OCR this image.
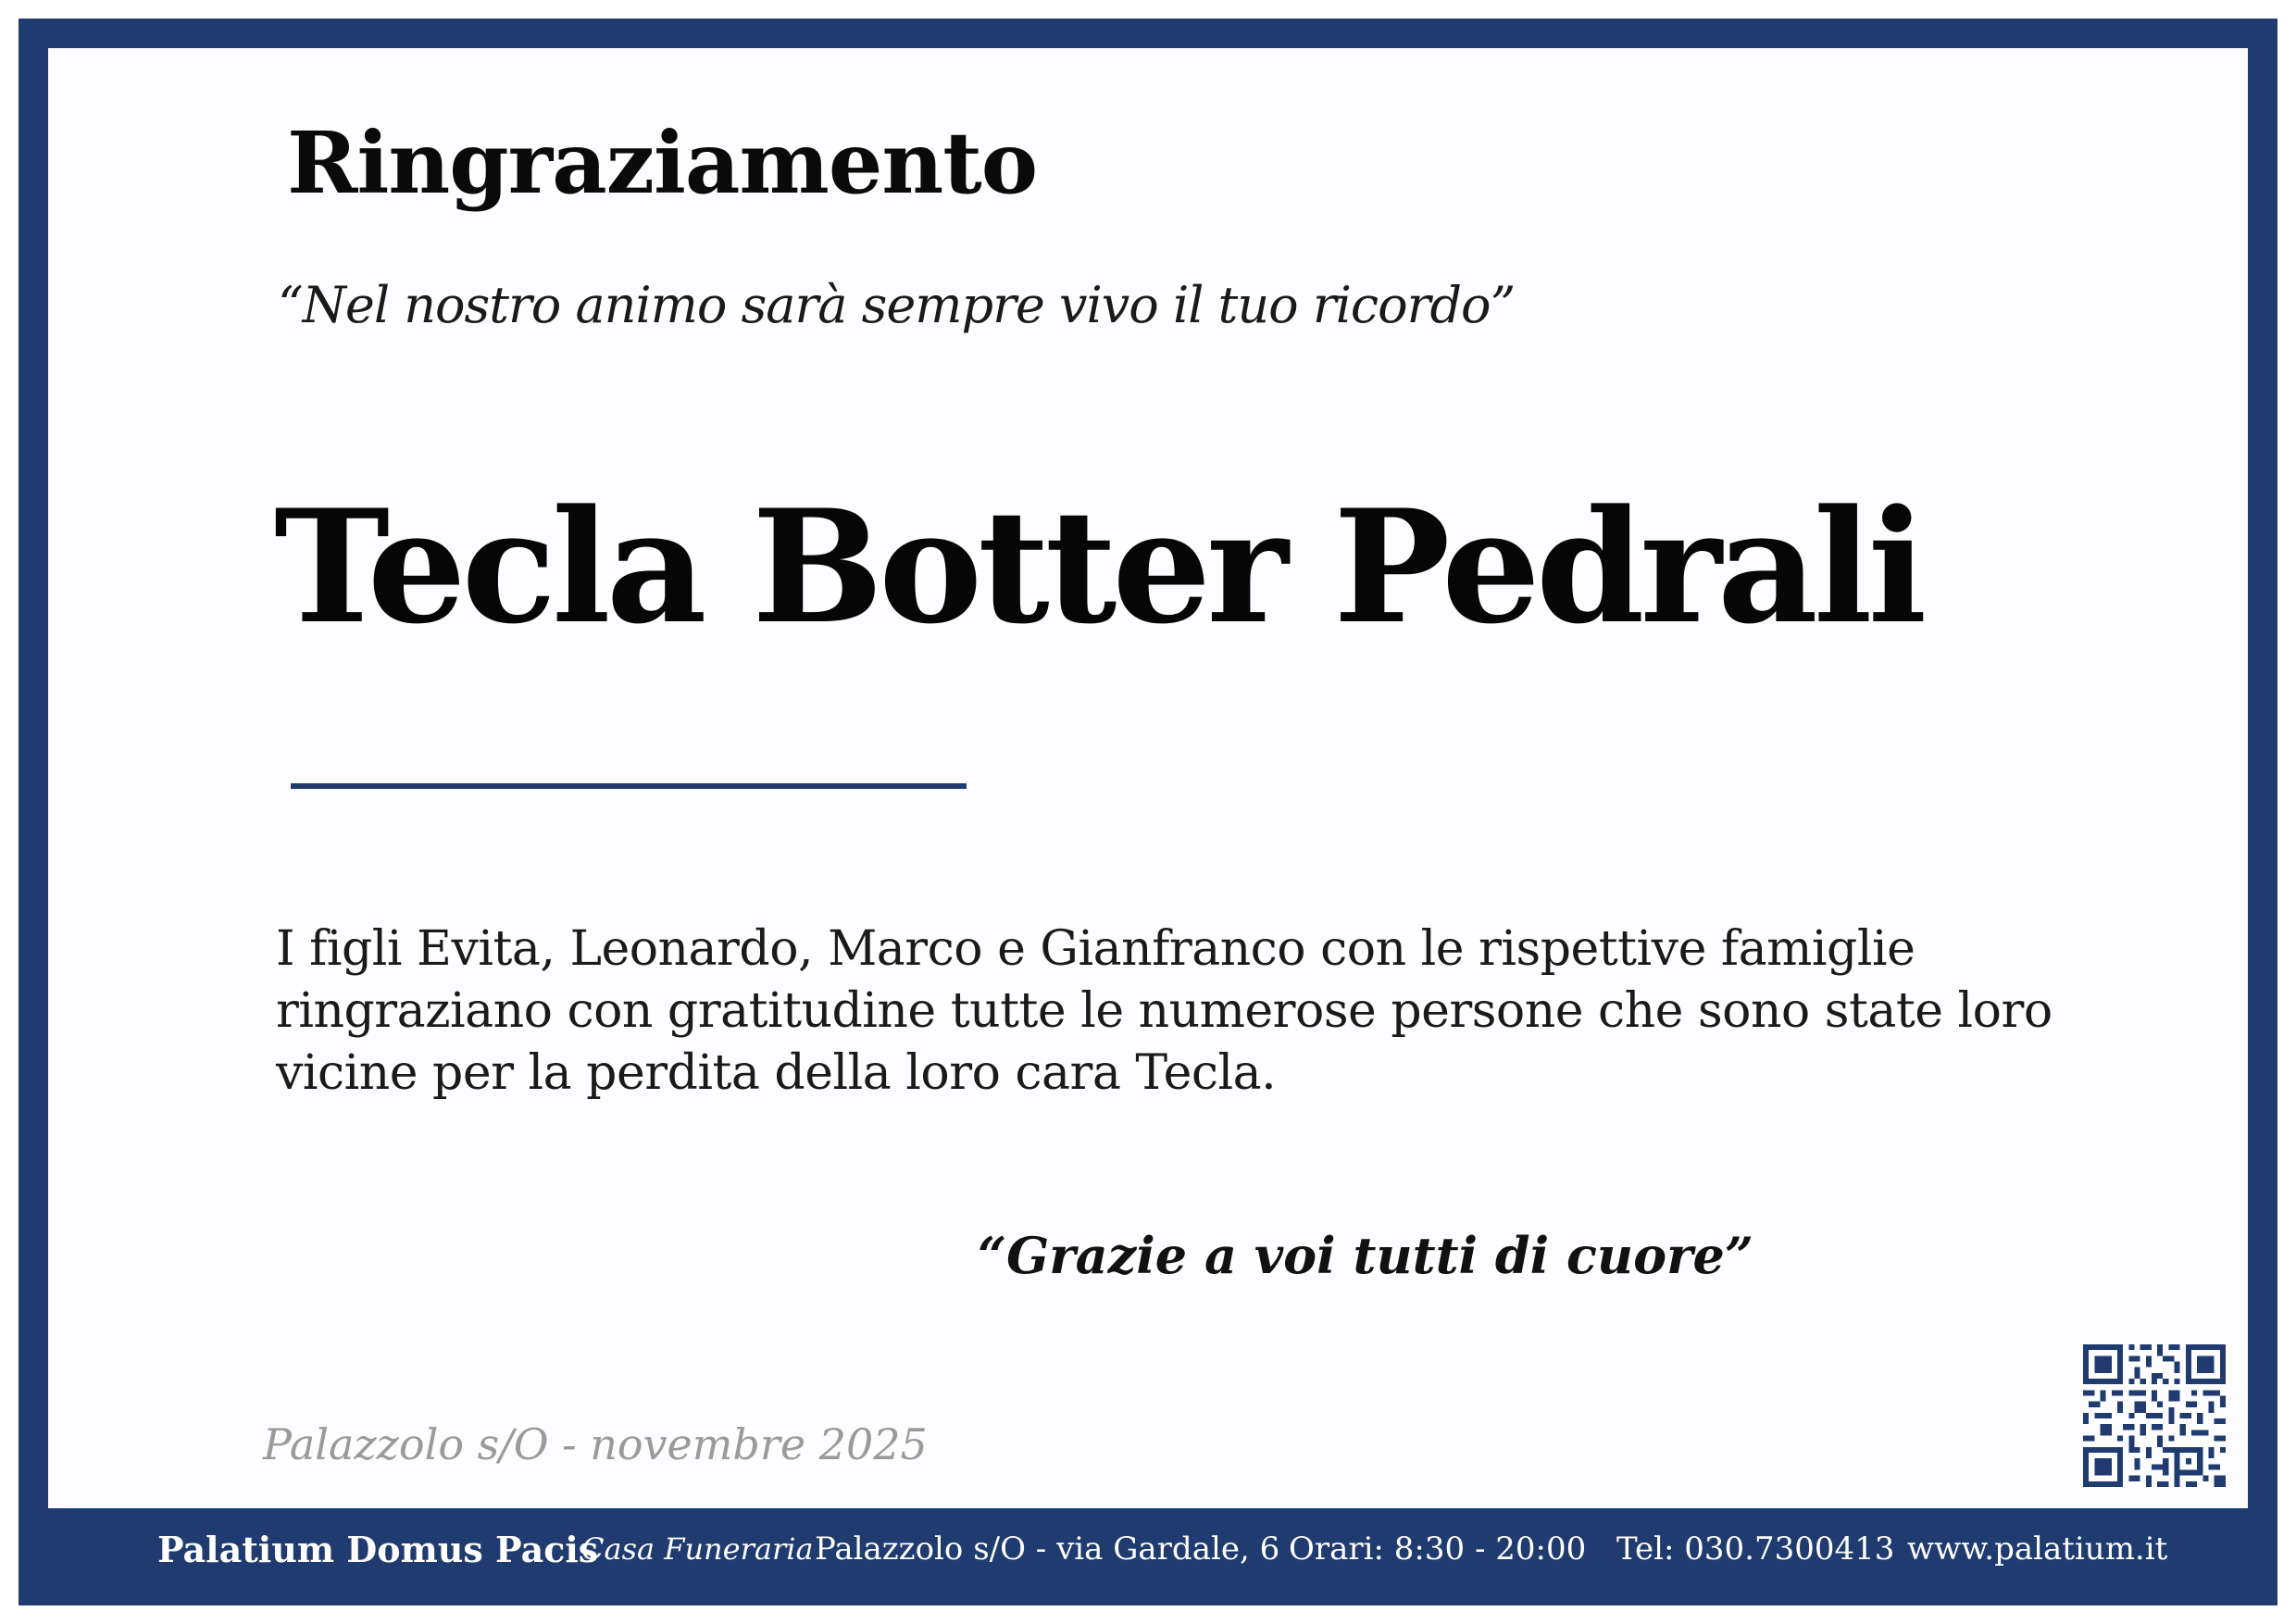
Ringraziamento

“Nel nostro animo sarà sempre vivo il tuo ricordo”

Tecla Botter Pedrali

I figli Evita, Leonardo, Marco e Gianfranco con le rispettive famiglie ringraziano con gratitudine tutte le numerose persone che sono state loro vicine per la perdita della loro cara Tecla.

“Grazie a voi tutti di cuore”

Palazzolo s/O - novembre 2025

Palatium Domus Pacis
Casa Funeraria Palazzolo s/O - via Gardale, 6 Orari: 8:30 - 20:00 Tel: 030.7300413 www.palatium.it
